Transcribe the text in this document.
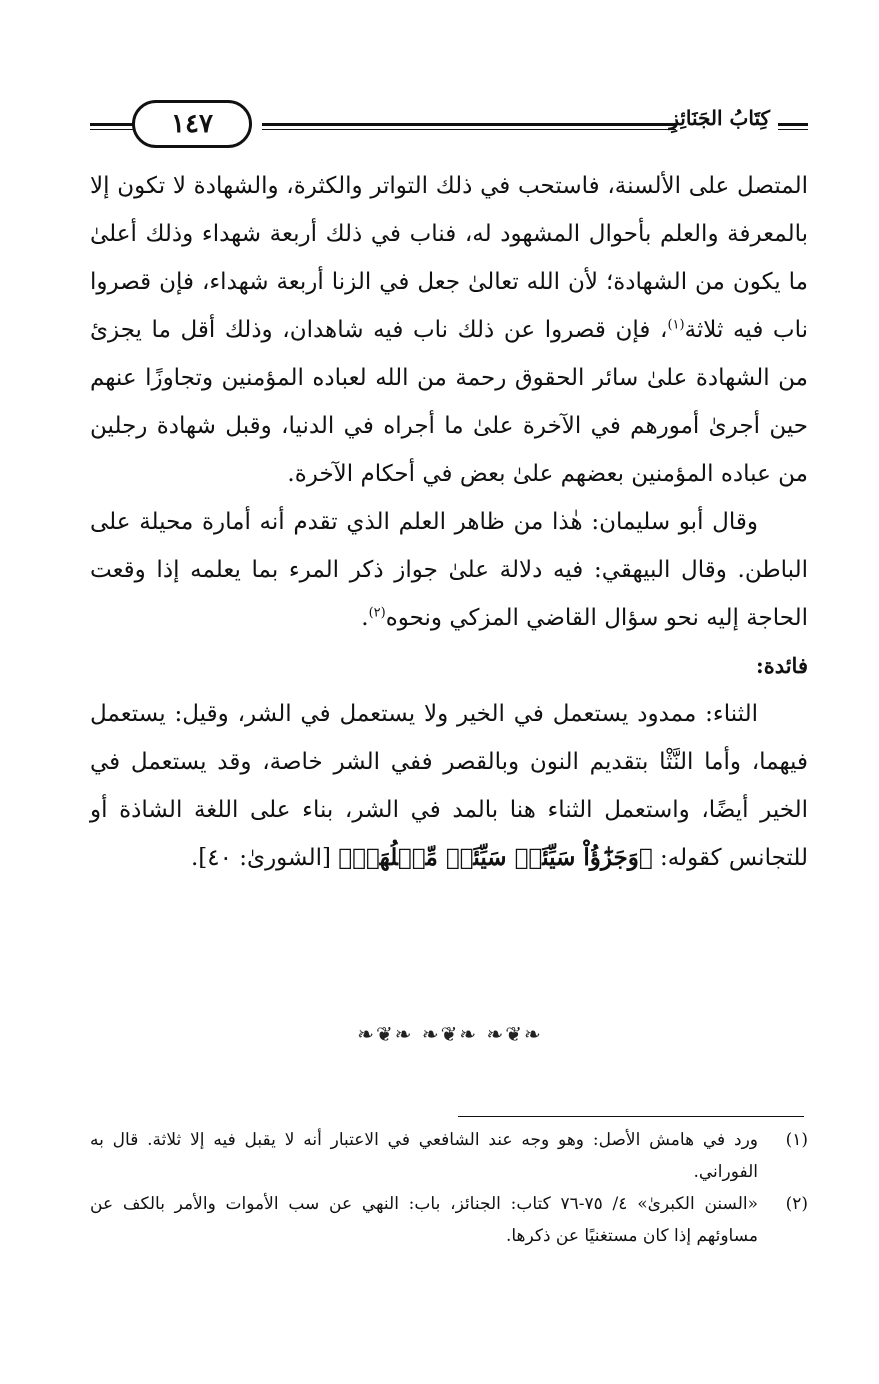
١٤٧	كِتَابُ الجَنَائِزِ

المتصل على الألسنة، فاستحب في ذلك التواتر والكثرة، والشهادة لا تكون إلا بالمعرفة والعلم بأحوال المشهود له، فناب في ذلك أربعة شهداء وذلك أعلىٰ ما يكون من الشهادة؛ لأن الله تعالىٰ جعل في الزنا أربعة شهداء، فإن قصروا ناب فيه ثلاثة$^{(١)}$، فإن قصروا عن ذلك ناب فيه شاهدان، وذلك أقل ما يجزئ من الشهادة علىٰ سائر الحقوق رحمة من الله لعباده المؤمنين وتجاوزًا عنهم حين أجرىٰ أمورهم في الآخرة علىٰ ما أجراه في الدنيا، وقبل شهادة رجلين من عباده المؤمنين بعضهم علىٰ بعض في أحكام الآخرة.

وقال أبو سليمان: هٰذا من ظاهر العلم الذي تقدم أنه أمارة محيلة على الباطن. وقال البيهقي: فيه دلالة علىٰ جواز ذكر المرء بما يعلمه إذا وقعت الحاجة إليه نحو سؤال القاضي المزكي ونحوه$^{(٢)}$.

فائدة:

الثناء: ممدود يستعمل في الخير ولا يستعمل في الشر، وقيل: يستعمل فيهما، وأما النَّثْا بتقديم النون وبالقصر ففي الشر خاصة، وقد يستعمل في الخير أيضًا، واستعمل الثناء هنا بالمد في الشر، بناء على اللغة الشاذة أو للتجانس كقوله: ﴿وَجَزَٰٓؤُاْ سَيِّئَةٖ سَيِّئَةٞ مِّثۡلُهَاۖ﴾ [الشورىٰ: ٤٠].

❧❦❧ ❧❦❧ ❧❦❧
(١)
ورد في هامش الأصل: وهو وجه عند الشافعي في الاعتبار أنه لا يقبل فيه إلا ثلاثة. قال به الفوراني.
(٢)
«السنن الكبرىٰ» ٤/ ٧٥-٧٦ كتاب: الجنائز، باب: النهي عن سب الأموات والأمر بالكف عن مساوئهم إذا كان مستغنيًا عن ذكرها.
